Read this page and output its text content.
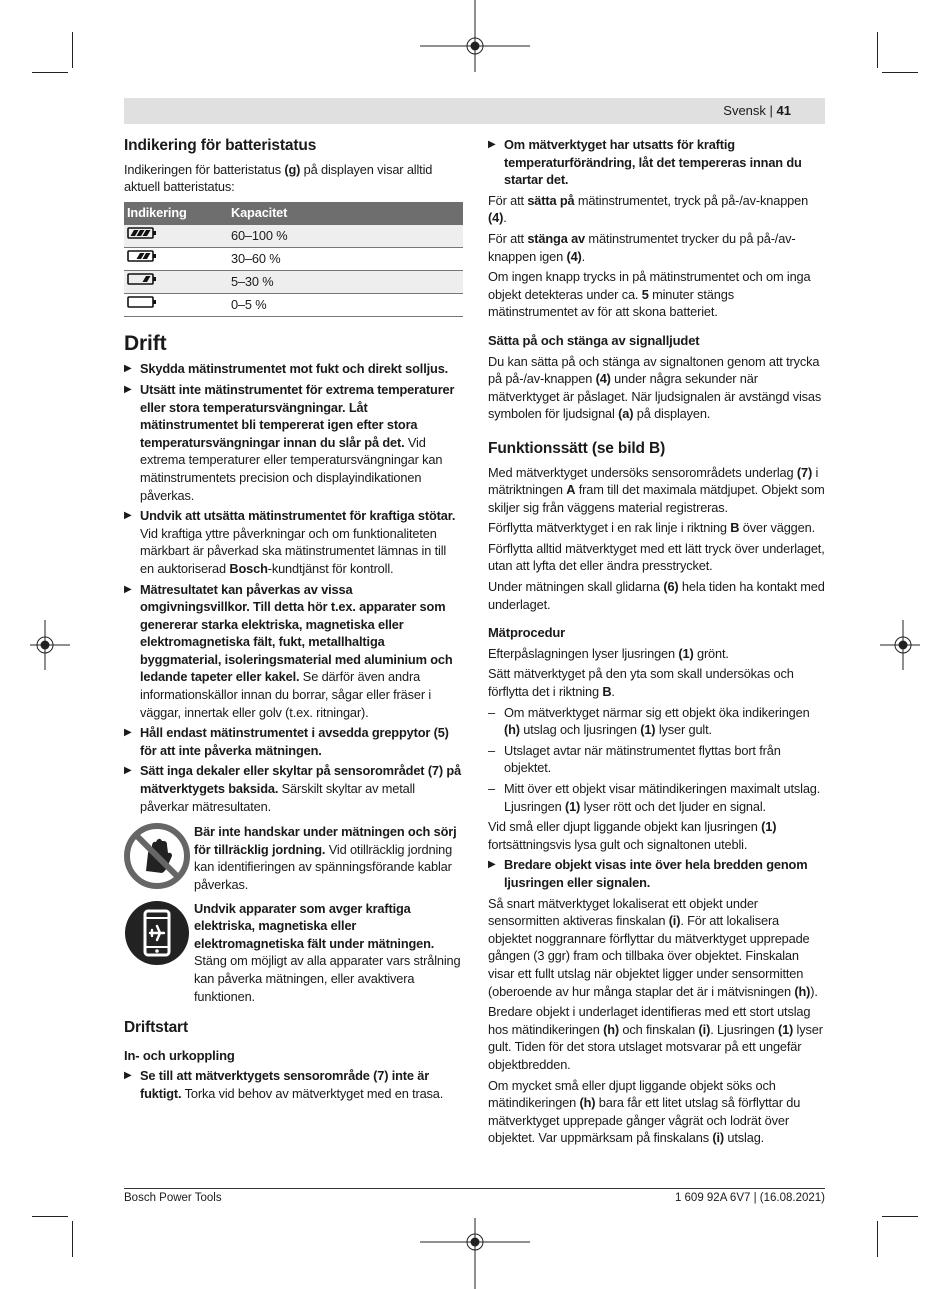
Svensk | 41
Indikering för batteristatus

Indikeringen för batteristatus (g) på displayen visar alltid aktuell batteristatus:

Indikering	Kapacitet
	60–100 %
	30–60 %
	5–30 %
	0–5 %
Drift
▶ Skydda mätinstrumentet mot fukt och direkt solljus.
▶ Utsätt inte mätinstrumentet för extrema temperaturer eller stora temperatursvängningar. Låt mätinstrumentet bli tempererat igen efter stora temperatursvängningar innan du slår på det. Vid extrema temperaturer eller temperatursvängningar kan mätinstrumentets precision och displayindikationen påverkas.
▶ Undvik att utsätta mätinstrumentet för kraftiga stötar. Vid kraftiga yttre påverkningar och om funktionaliteten märkbart är påverkad ska mätinstrumentet lämnas in till en auktoriserad Bosch-kundtjänst för kontroll.
▶ Mätresultatet kan påverkas av vissa omgivningsvillkor. Till detta hör t.ex. apparater som genererar starka elektriska, magnetiska eller elektromagnetiska fält, fukt, metallhaltiga byggmaterial, isoleringsmaterial med aluminium och ledande tapeter eller kakel. Se därför även andra informationskällor innan du borrar, sågar eller fräser i väggar, innertak eller golv (t.ex. ritningar).
▶ Håll endast mätinstrumentet i avsedda greppytor (5) för att inte påverka mätningen.
▶ Sätt inga dekaler eller skyltar på sensorområdet (7) på mätverktygets baksida. Särskilt skyltar av metall påverkar mätresultaten.
Bär inte handskar under mätningen och sörj för tillräcklig jordning. Vid otillräcklig jordning kan identifieringen av spänningsförande kablar påverkas.
Undvik apparater som avger kraftiga elektriska, magnetiska eller elektromagnetiska fält under mätningen. Stäng om möjligt av alla apparater vars strålning kan påverka mätningen, eller avaktivera funktionen.
Driftstart
In- och urkoppling
▶ Se till att mätverktygets sensorområde (7) inte är fuktigt. Torka vid behov av mätverktyget med en trasa.
▶ Om mätverktyget har utsatts för kraftig temperaturförändring, låt det tempereras innan du startar det.

För att sätta på mätinstrumentet, tryck på på-/av-knappen (4).

För att stänga av mätinstrumentet trycker du på på-/av-knappen igen (4).

Om ingen knapp trycks in på mätinstrumentet och om inga objekt detekteras under ca. 5 minuter stängs mätinstrumentet av för att skona batteriet.

Sätta på och stänga av signalljudet

Du kan sätta på och stänga av signaltonen genom att trycka på på-/av-knappen (4) under några sekunder när mätverktyget är påslaget. När ljudsignalen är avstängd visas symbolen för ljudsignal (a) på displayen.

Funktionssätt (se bild B)

Med mätverktyget undersöks sensorområdets underlag (7) i mätriktningen A fram till det maximala mätdjupet. Objekt som skiljer sig från väggens material registreras.

Förflytta mätverktyget i en rak linje i riktning B över väggen.

Förflytta alltid mätverktyget med ett lätt tryck över underlaget, utan att lyfta det eller ändra presstrycket.

Under mätningen skall glidarna (6) hela tiden ha kontakt med underlaget.

Mätprocedur

Efterpåslagningen lyser ljusringen (1) grönt.

Sätt mätverktyget på den yta som skall undersökas och förflytta det i riktning B.

– Om mätverktyget närmar sig ett objekt öka indikeringen (h) utslag och ljusringen (1) lyser gult.
– Utslaget avtar när mätinstrumentet flyttas bort från objektet.
– Mitt över ett objekt visar mätindikeringen maximalt utslag. Ljusringen (1) lyser rött och det ljuder en signal.

Vid små eller djupt liggande objekt kan ljusringen (1) fortsättningsvis lysa gult och signaltonen utebli.

▶ Bredare objekt visas inte över hela bredden genom ljusringen eller signalen.

Så snart mätverktyget lokaliserat ett objekt under sensormitten aktiveras finskalan (i). För att lokalisera objektet noggrannare förflyttar du mätverktyget upprepade gången (3 ggr) fram och tillbaka över objektet. Finskalan visar ett fullt utslag när objektet ligger under sensormitten (oberoende av hur många staplar det är i mätvisningen (h)).

Bredare objekt i underlaget identifieras med ett stort utslag hos mätindikeringen (h) och finskalan (i). Ljusringen (1) lyser gult. Tiden för det stora utslaget motsvarar på ett ungefär objektbredden.

Om mycket små eller djupt liggande objekt söks och mätindikeringen (h) bara får ett litet utslag så förflyttar du mätverktyget upprepade gånger vågrät och lodrät över objektet. Var uppmärksam på finskalans (i) utslag.

Bosch Power Tools	1 609 92A 6V7 | (16.08.2021)
